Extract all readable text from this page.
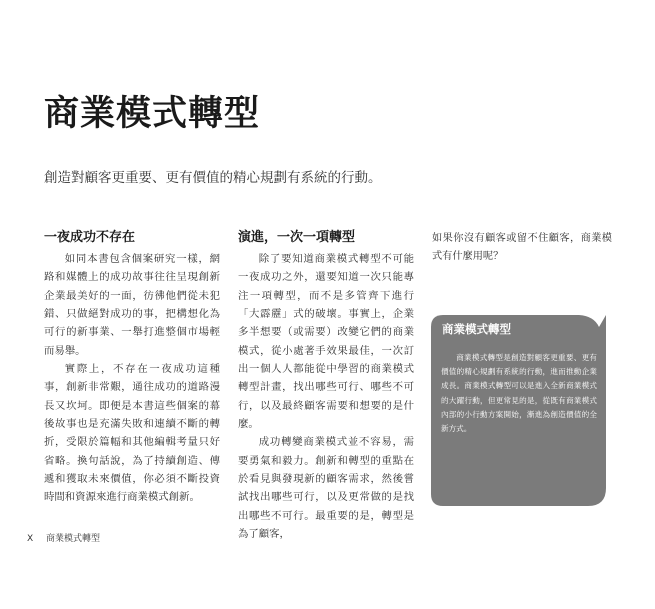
商業模式轉型
創造對顧客更重要、更有價值的精心規劃有系統的行動。
一夜成功不存在

如同本書包含個案研究一樣，網路和媒體上的成功故事往往呈現創新企業最美好的一面，彷彿他們從未犯錯、只做絕對成功的事，把構想化為可行的新事業、一舉打進整個市場輕而易舉。

實際上，不存在一夜成功這種事，創新非常艱，通往成功的道路漫長又坎坷。即便是本書這些個案的幕後故事也是充滿失敗和連續不斷的轉折，受限於篇幅和其他編輯考量只好省略。換句話說，為了持續創造、傳遞和獲取未來價值，你必須不斷投資時間和資源來進行商業模式創新。

演進，一次一項轉型

除了要知道商業模式轉型不可能一夜成功之外，還要知道一次只能專注一項轉型，而不是多管齊下進行「大霹靂」式的破壞。事實上，企業多半想要（或需要）改變它們的商業模式，從小處著手效果最佳，一次訂出一個人人都能從中學習的商業模式轉型計畫，找出哪些可行、哪些不可行，以及最終顧客需要和想要的是什麼。

成功轉變商業模式並不容易，需要勇氣和毅力。創新和轉型的重點在於看見與發現新的顧客需求，然後嘗試找出哪些可行，以及更常做的是找出哪些不可行。最重要的是，轉型是為了顧客，

如果你沒有顧客或留不住顧客，商業模式有什麼用呢？

商業模式轉型

商業模式轉型是創造對顧客更重要、更有價值的精心規劃有系統的行動，進而推動企業成長。商業模式轉型可以是進入全新商業模式的大躍行動，但更常見的是，從既有商業模式內部的小行動方案開始，漸進為創造價值的全新方式。

X 商業模式轉型
